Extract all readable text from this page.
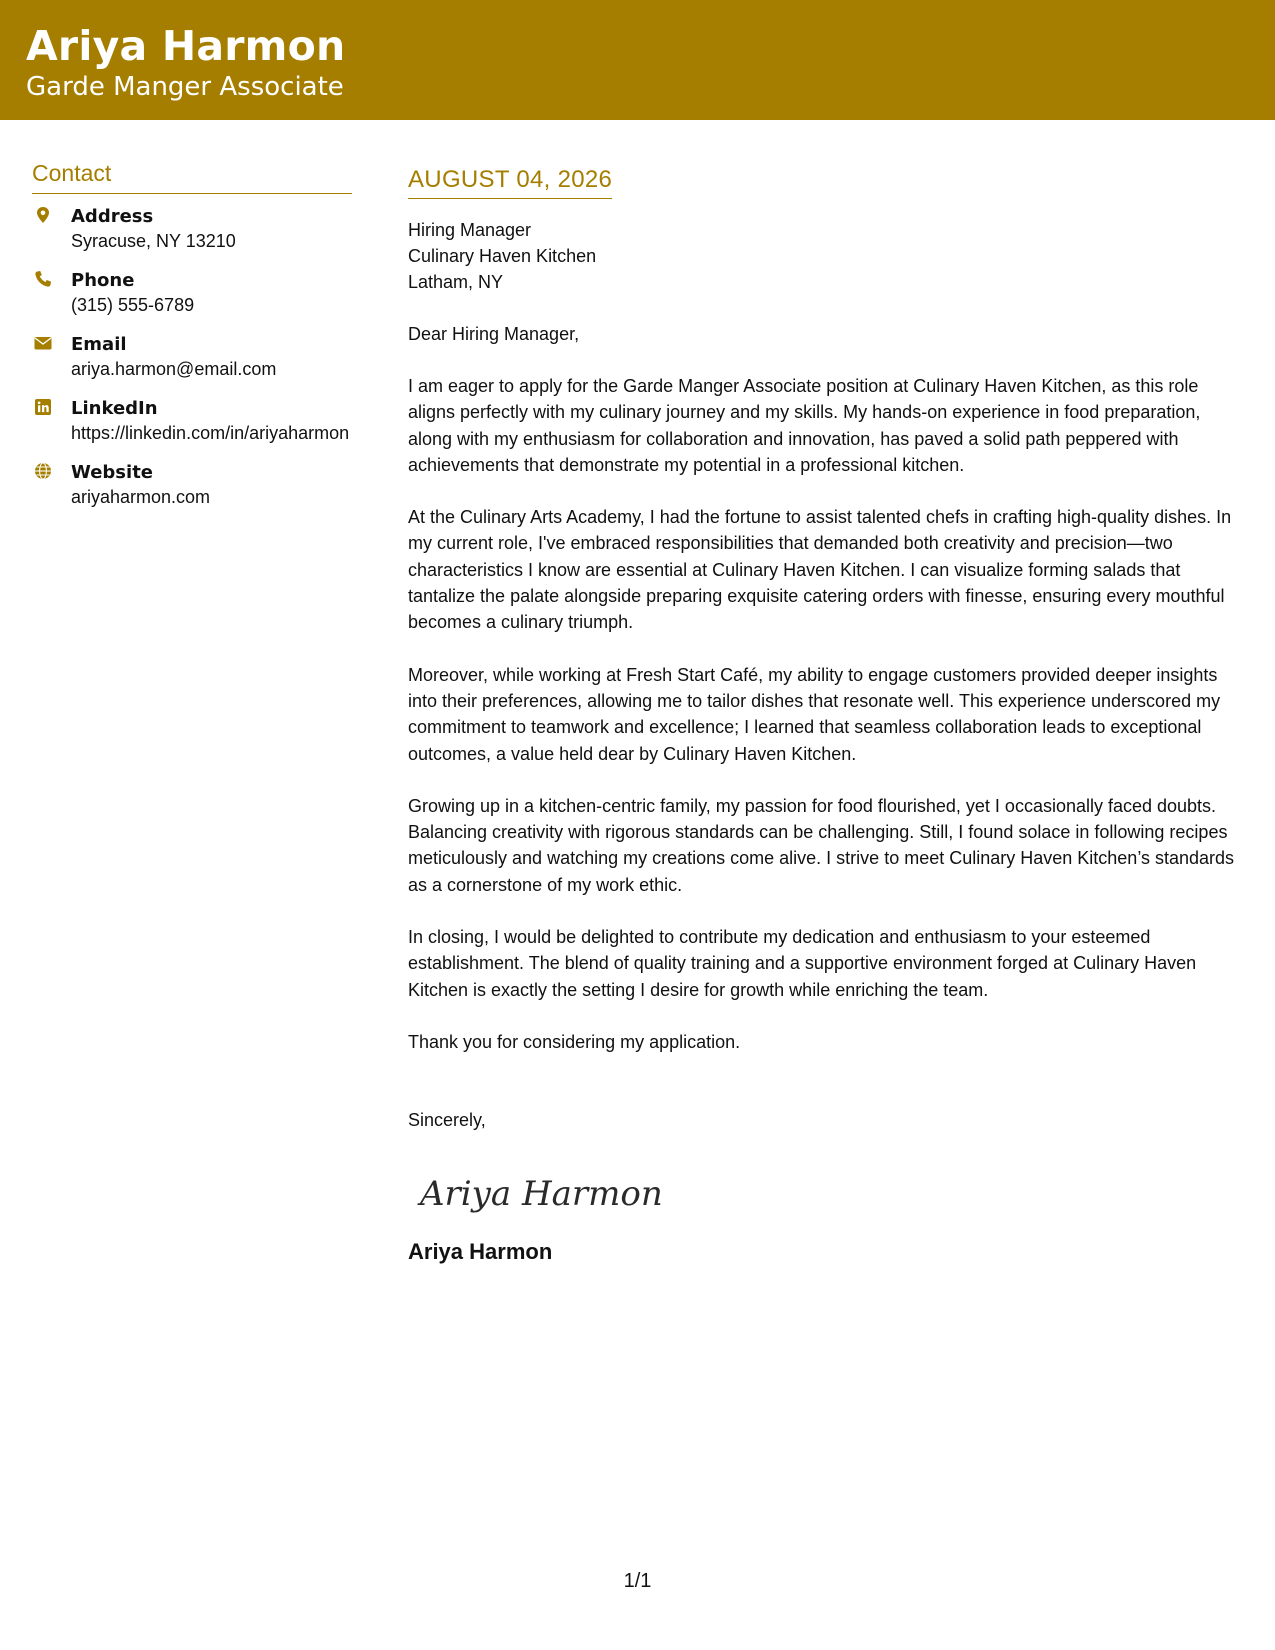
Ariya Harmon
Garde Manger Associate
Contact
Address
Syracuse, NY 13210
Phone
(315) 555-6789
Email
ariya.harmon@email.com
LinkedIn
https://linkedin.com/in/ariyaharmon
Website
ariyaharmon.com
AUGUST 04, 2026
Hiring Manager
Culinary Haven Kitchen
Latham, NY
Dear Hiring Manager,
I am eager to apply for the Garde Manger Associate position at Culinary Haven Kitchen, as this role aligns perfectly with my culinary journey and my skills. My hands-on experience in food preparation, along with my enthusiasm for collaboration and innovation, has paved a solid path peppered with achievements that demonstrate my potential in a professional kitchen.
At the Culinary Arts Academy, I had the fortune to assist talented chefs in crafting high-quality dishes. In my current role, I've embraced responsibilities that demanded both creativity and precision—two characteristics I know are essential at Culinary Haven Kitchen. I can visualize forming salads that tantalize the palate alongside preparing exquisite catering orders with finesse, ensuring every mouthful becomes a culinary triumph.
Moreover, while working at Fresh Start Café, my ability to engage customers provided deeper insights into their preferences, allowing me to tailor dishes that resonate well. This experience underscored my commitment to teamwork and excellence; I learned that seamless collaboration leads to exceptional outcomes, a value held dear by Culinary Haven Kitchen.
Growing up in a kitchen-centric family, my passion for food flourished, yet I occasionally faced doubts. Balancing creativity with rigorous standards can be challenging. Still, I found solace in following recipes meticulously and watching my creations come alive. I strive to meet Culinary Haven Kitchen’s standards as a cornerstone of my work ethic.
In closing, I would be delighted to contribute my dedication and enthusiasm to your esteemed establishment. The blend of quality training and a supportive environment forged at Culinary Haven Kitchen is exactly the setting I desire for growth while enriching the team.
Thank you for considering my application.
Sincerely,
Ariya Harmon
Ariya Harmon
1/1
